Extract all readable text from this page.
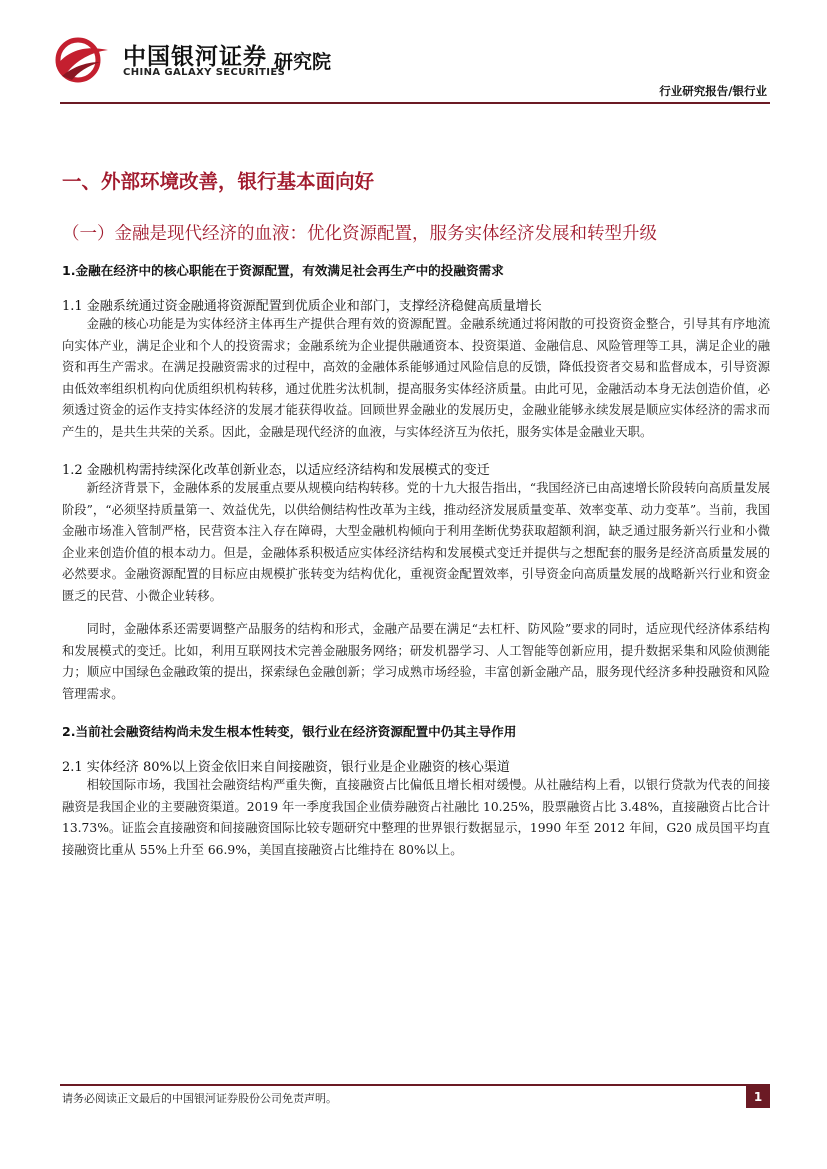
中国银河证券
CHINA GALAXY SECURITIES
研究院
行业研究报告/银行业
一、外部环境改善，银行基本面向好
（一）金融是现代经济的血液：优化资源配置，服务实体经济发展和转型升级
1.金融在经济中的核心职能在于资源配置，有效满足社会再生产中的投融资需求
1.1 金融系统通过资金融通将资源配置到优质企业和部门，支撑经济稳健高质量增长

金融的核心功能是为实体经济主体再生产提供合理有效的资源配置。金融系统通过将闲散的可投资资金整合，引导其有序地流向实体产业，满足企业和个人的投资需求；金融系统为企业提供融通资本、投资渠道、金融信息、风险管理等工具，满足企业的融资和再生产需求。在满足投融资需求的过程中，高效的金融体系能够通过风险信息的反馈，降低投资者交易和监督成本，引导资源由低效率组织机构向优质组织机构转移，通过优胜劣汰机制，提高服务实体经济质量。由此可见，金融活动本身无法创造价值，必须透过资金的运作支持实体经济的发展才能获得收益。回顾世界金融业的发展历史，金融业能够永续发展是顺应实体经济的需求而产生的，是共生共荣的关系。因此，金融是现代经济的血液，与实体经济互为依托，服务实体是金融业天职。

1.2 金融机构需持续深化改革创新业态，以适应经济结构和发展模式的变迁

新经济背景下，金融体系的发展重点要从规模向结构转移。党的十九大报告指出，“我国经济已由高速增长阶段转向高质量发展阶段”，“必须坚持质量第一、效益优先，以供给侧结构性改革为主线，推动经济发展质量变革、效率变革、动力变革”。当前，我国金融市场准入管制严格，民营资本注入存在障碍，大型金融机构倾向于利用垄断优势获取超额利润，缺乏通过服务新兴行业和小微企业来创造价值的根本动力。但是，金融体系积极适应实体经济结构和发展模式变迁并提供与之想配套的服务是经济高质量发展的必然要求。金融资源配置的目标应由规模扩张转变为结构优化，重视资金配置效率，引导资金向高质量发展的战略新兴行业和资金匮乏的民营、小微企业转移。

同时，金融体系还需要调整产品服务的结构和形式，金融产品要在满足“去杠杆、防风险”要求的同时，适应现代经济体系结构和发展模式的变迁。比如，利用互联网技术完善金融服务网络；研发机器学习、人工智能等创新应用，提升数据采集和风险侦测能力；顺应中国绿色金融政策的提出，探索绿色金融创新；学习成熟市场经验，丰富创新金融产品，服务现代经济多种投融资和风险管理需求。

2.当前社会融资结构尚未发生根本性转变，银行业在经济资源配置中仍其主导作用
2.1 实体经济 80%以上资金依旧来自间接融资，银行业是企业融资的核心渠道

相较国际市场，我国社会融资结构严重失衡，直接融资占比偏低且增长相对缓慢。从社融结构上看，以银行贷款为代表的间接融资是我国企业的主要融资渠道。2019 年一季度我国企业债券融资占社融比 10.25%，股票融资占比 3.48%，直接融资占比合计 13.73%。证监会直接融资和间接融资国际比较专题研究中整理的世界银行数据显示，1990 年至 2012 年间，G20 成员国平均直接融资比重从 55%上升至 66.9%，美国直接融资占比维持在 80%以上。

请务必阅读正文最后的中国银河证券股份公司免责声明。	1
